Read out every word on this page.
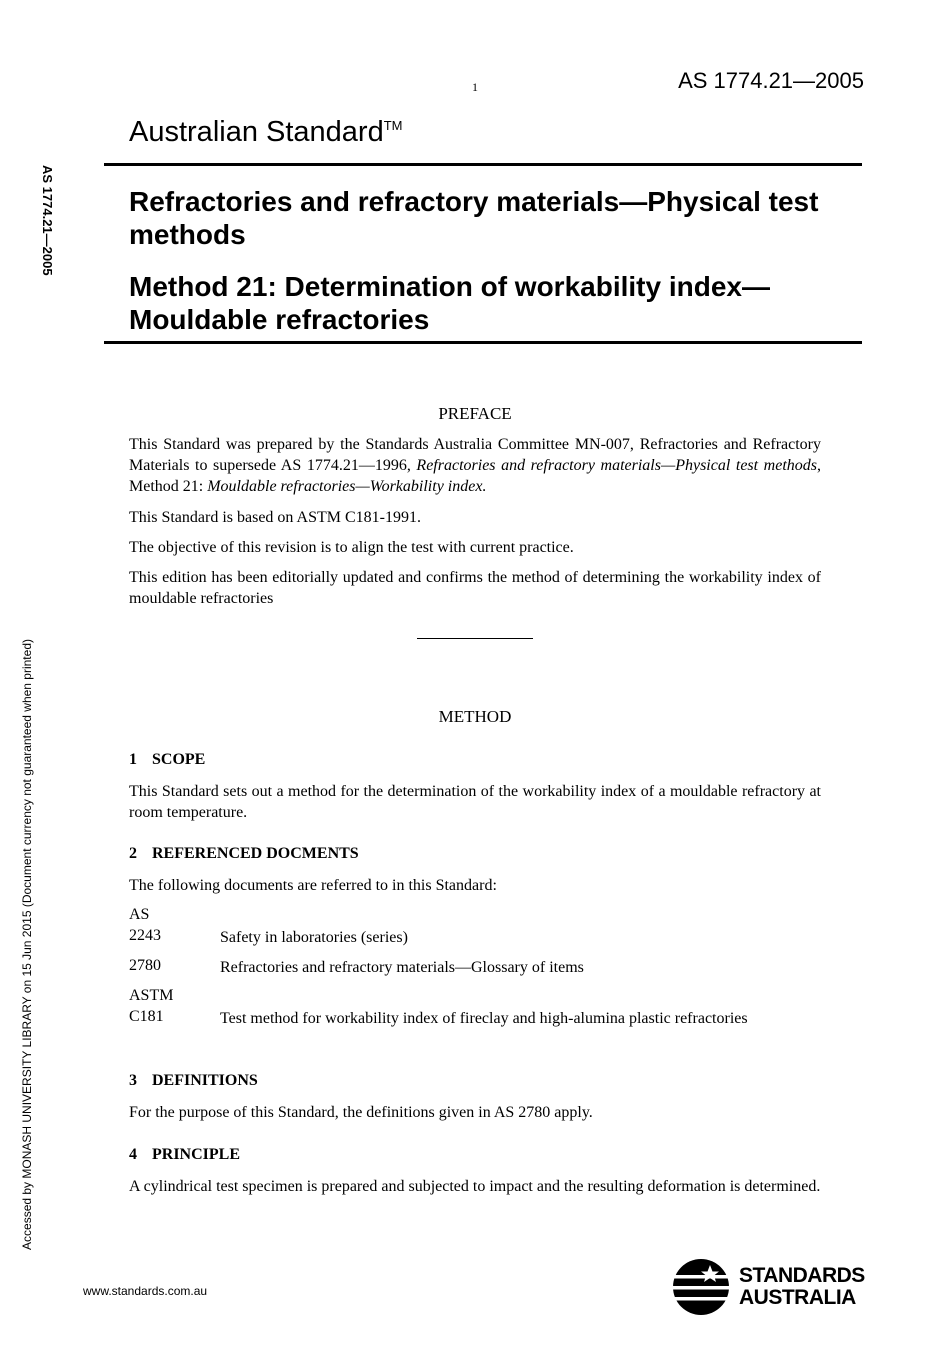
1	AS 1774.21—2005
Australian Standard™
Refractories and refractory materials—Physical test methods
Method 21: Determination of workability index—Mouldable refractories
AS 1774.21—2005
Accessed by MONASH UNIVERSITY LIBRARY on 15 Jun 2015 (Document currency not guaranteed when printed)
PREFACE

This Standard was prepared by the Standards Australia Committee MN-007, Refractories and Refractory Materials to supersede AS 1774.21—1996, Refractories and refractory materials—Physical test methods, Method 21: Mouldable refractories—Workability index.

This Standard is based on ASTM C181-1991.

The objective of this revision is to align the test with current practice.

This edition has been editorially updated and confirms the method of determining the workability index of mouldable refractories

METHOD
1 SCOPE

This Standard sets out a method for the determination of the workability index of a mouldable refractory at room temperature.

2 REFERENCED DOCMENTS

The following documents are referred to in this Standard:

AS
2243	Safety in laboratories (series)
2780	Refractories and refractory materials—Glossary of items
ASTM
C181	Test method for workability index of fireclay and high-alumina plastic refractories
3 DEFINITIONS

For the purpose of this Standard, the definitions given in AS 2780 apply.

4 PRINCIPLE

A cylindrical test specimen is prepared and subjected to impact and the resulting deformation is determined.

www.standards.com.au
STANDARDS
AUSTRALIA
